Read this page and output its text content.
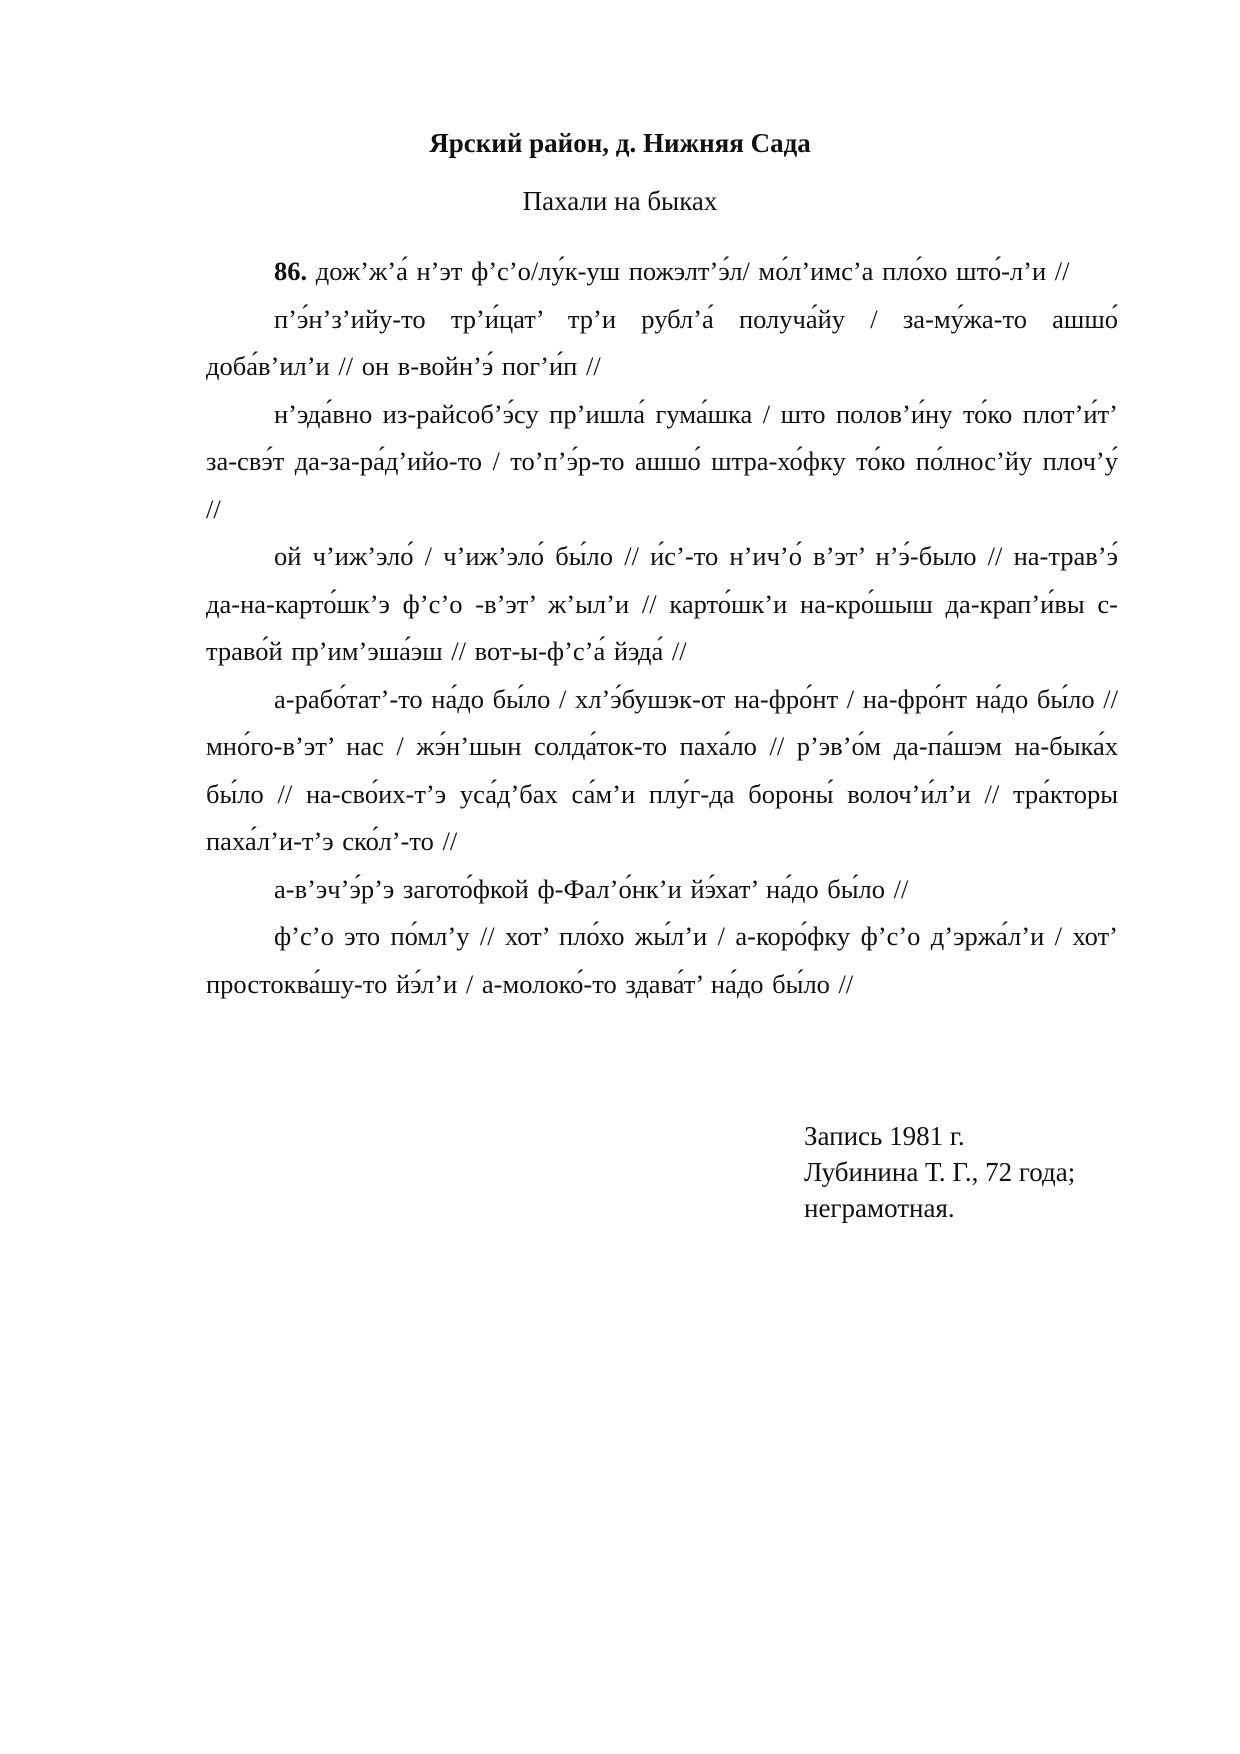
Ярский район, д. Нижняя Сада
Пахали на быках

86. дож’ж’а́ н’эт ф’с’о/лу́к-уш пожэлт’э́л/ мо́л’имс’а пло́хо што́-л’и //

п’э́н’з’ийу-то тр’и́цат’ тр’и рубл’а́ получа́йу / за-му́жа-то ашшо́ доба́в’ил’и // он в-войн’э́ пог’и́п //

н’эда́вно из-райсоб’э́су пр’ишла́ гума́шка / што полов’и́ну то́ко плот’и́т’ за-свэ́т да-за-ра́д’ийо-то / то’п’э́р-то ашшо́ штра-хо́фку то́ко по́лнос’йу плоч’у́ //

ой ч’иж’эло́ / ч’иж’эло́ бы́ло // и́с’-то н’ич’о́ в’эт’ н’э́-было // на-трав’э́ да-на-карто́шк’э ф’с’о -в’эт’ ж’ыл’и // карто́шк’и на-кро́шыш да-крап’и́вы с-траво́й пр’им’эша́эш // вот-ы-ф’с’а́ йэда́ //

а-рабо́тат’-то на́до бы́ло / хл’э́бушэк-от на-фро́нт / на-фро́нт на́до бы́ло // мно́го-в’эт’ нас / жэ́н’шын солда́ток-то паха́ло // р’эв’о́м да-па́шэм на-быка́х бы́ло // на-сво́их-т’э уса́д’бах са́м’и плу́г-да бороны́ волоч’и́л’и // тра́кторы паха́л’и-т’э ско́л’-то //

а-в’эч’э́р’э загото́фкой ф-Фал’о́нк’и йэ́хат’ на́до бы́ло //

ф’с’о это по́мл’у // хот’ пло́хо жы́л’и / а-коро́фку ф’с’о д’эржа́л’и / хот’ простоква́шу-то йэ́л’и / а-молоко́-то здава́т’ на́до бы́ло //

Запись 1981 г.
Лубинина Т. Г., 72 года;
неграмотная.
